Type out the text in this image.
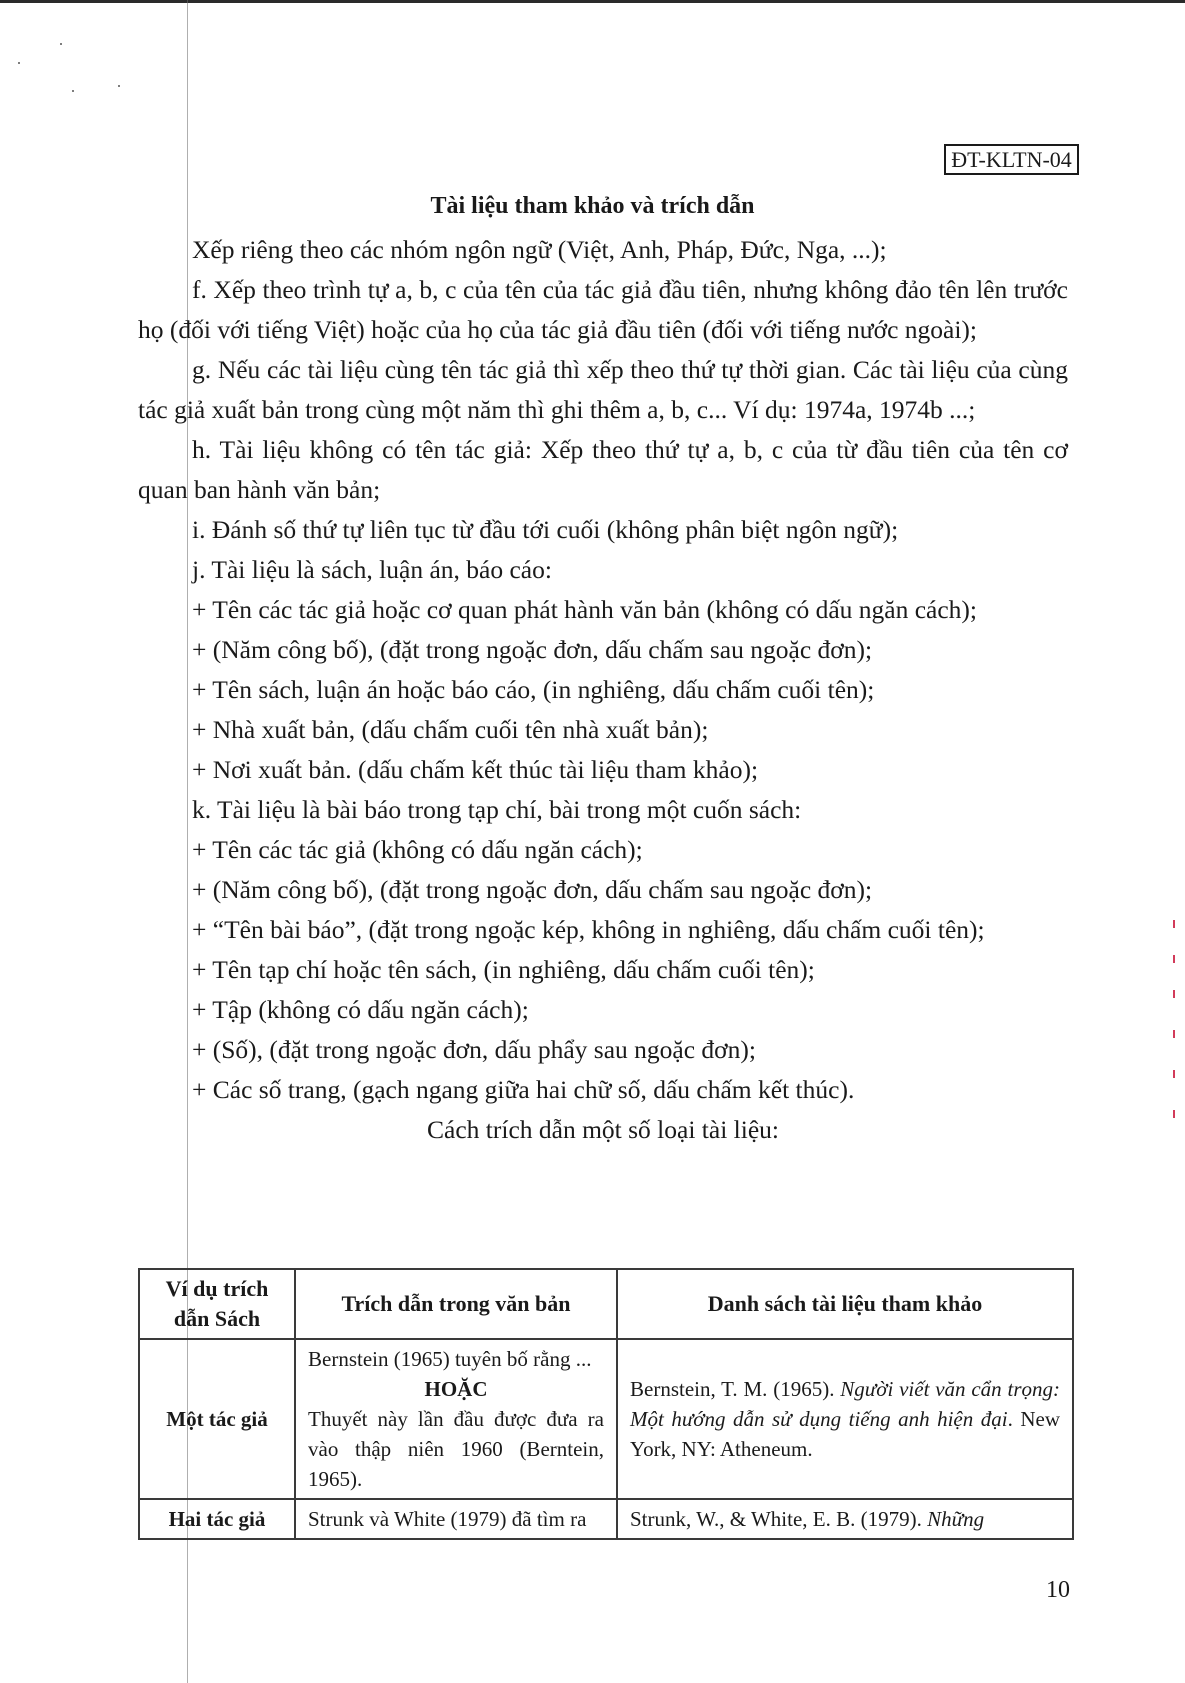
ĐT-KLTN-04
Tài liệu tham khảo và trích dẫn

Xếp riêng theo các nhóm ngôn ngữ (Việt, Anh, Pháp, Đức, Nga, ...);

f. Xếp theo trình tự a, b, c của tên của tác giả đầu tiên, nhưng không đảo tên lên trước họ (đối với tiếng Việt) hoặc của họ của tác giả đầu tiên (đối với tiếng nước ngoài);

g. Nếu các tài liệu cùng tên tác giả thì xếp theo thứ tự thời gian. Các tài liệu của cùng tác giả xuất bản trong cùng một năm thì ghi thêm a, b, c... Ví dụ: 1974a, 1974b ...;

h. Tài liệu không có tên tác giả: Xếp theo thứ tự a, b, c của từ đầu tiên của tên cơ quan ban hành văn bản;

i. Đánh số thứ tự liên tục từ đầu tới cuối (không phân biệt ngôn ngữ);

j. Tài liệu là sách, luận án, báo cáo:

+ Tên các tác giả hoặc cơ quan phát hành văn bản (không có dấu ngăn cách);

+ (Năm công bố), (đặt trong ngoặc đơn, dấu chấm sau ngoặc đơn);

+ Tên sách, luận án hoặc báo cáo, (in nghiêng, dấu chấm cuối tên);

+ Nhà xuất bản, (dấu chấm cuối tên nhà xuất bản);

+ Nơi xuất bản. (dấu chấm kết thúc tài liệu tham khảo);

k. Tài liệu là bài báo trong tạp chí, bài trong một cuốn sách:

+ Tên các tác giả (không có dấu ngăn cách);

+ (Năm công bố), (đặt trong ngoặc đơn, dấu chấm sau ngoặc đơn);

+ “Tên bài báo”, (đặt trong ngoặc kép, không in nghiêng, dấu chấm cuối tên);

+ Tên tạp chí hoặc tên sách, (in nghiêng, dấu chấm cuối tên);

+ Tập (không có dấu ngăn cách);

+ (Số), (đặt trong ngoặc đơn, dấu phẩy sau ngoặc đơn);

+ Các số trang, (gạch ngang giữa hai chữ số, dấu chấm kết thúc).

Cách trích dẫn một số loại tài liệu:

Ví dụ trích dẫn Sách	Trích dẫn trong văn bản	Danh sách tài liệu tham khảo
Một tác giả	Bernstein (1965) tuyên bố rằng ...
HOẶC
Thuyết này lần đầu được đưa ra vào thập niên 1960 (Berntein, 1965).	Bernstein, T. M. (1965). Người viết văn cẩn trọng: Một hướng dẫn sử dụng tiếng anh hiện đại. New York, NY: Atheneum.
Hai tác giả	Strunk và White (1979) đã tìm ra	Strunk, W., & White, E. B. (1979). Những
10
